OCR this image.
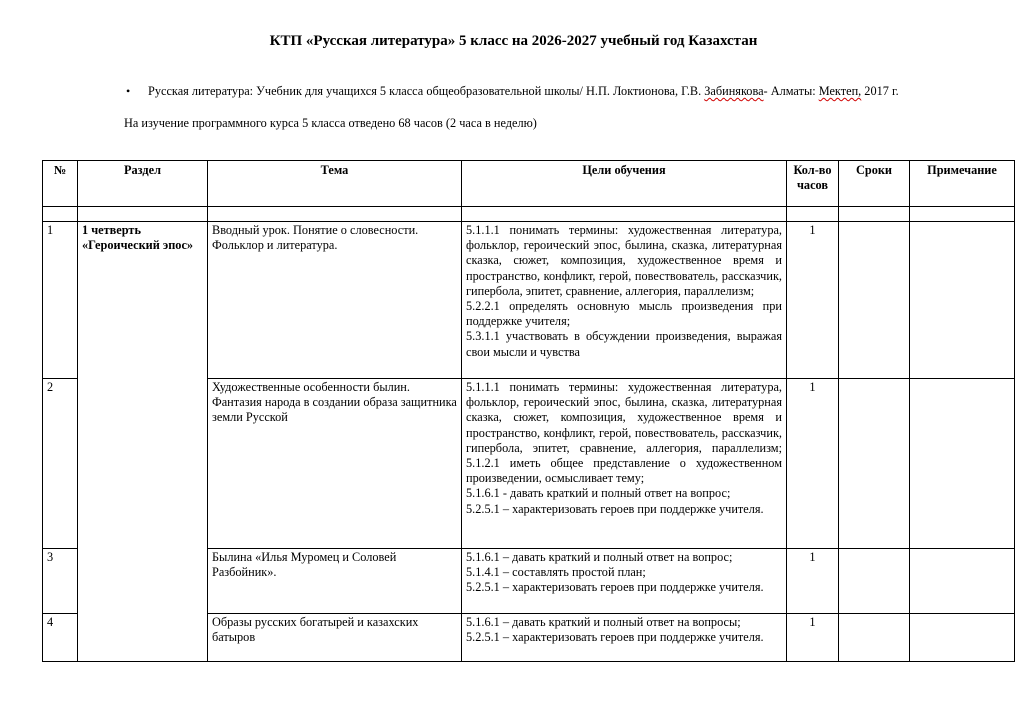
КТП «Русская литература» 5 класс на 2026-2027 учебный год Казахстан
• Русская литература: Учебник для учащихся 5 класса общеобразовательной школы/ Н.П. Локтионова, Г.В. Забинякова- Алматы: Мектеп, 2017 г.
На изучение программного курса 5 класса отведено 68 часов (2 часа в неделю)
№	Раздел	Тема	Цели обучения	Кол-во часов	Сроки	Примечание

1	1 четверть «Героический эпос»	Вводный урок. Понятие о словесности. Фольклор и литература.	5.1.1.1 понимать термины: художественная литература, фольклор, героический эпос, былина, сказка, литературная сказка, сюжет, композиция, художественное время и пространство, конфликт, герой, повествователь, рассказчик, гипербола, эпитет, сравнение, аллегория, параллелизм;
5.2.2.1 определять основную мысль произведения при поддержке учителя;
5.3.1.1 участвовать в обсуждении произведения, выражая свои мысли и чувства	1		
2		Художественные особенности былин. Фантазия народа в создании образа защитника земли Русской	5.1.1.1 понимать термины: художественная литература, фольклор, героический эпос, былина, сказка, литературная сказка, сюжет, композиция, художественное время и пространство, конфликт, герой, повествователь, рассказчик, гипербола, эпитет, сравнение, аллегория, параллелизм; 5.1.2.1 иметь общее представление о художественном произведении, осмысливает тему;
5.1.6.1 - давать краткий и полный ответ на вопрос;
5.2.5.1 – характеризовать героев при поддержке учителя.	1		
3		Былина «Илья Муромец и Соловей Разбойник».	5.1.6.1 – давать краткий и полный ответ на вопрос;
5.1.4.1 – составлять простой план;
5.2.5.1 – характеризовать героев при поддержке учителя.	1		
4		Образы русских богатырей и казахских батыров	5.1.6.1 – давать краткий и полный ответ на вопросы;
5.2.5.1 – характеризовать героев при поддержке учителя.	1		
